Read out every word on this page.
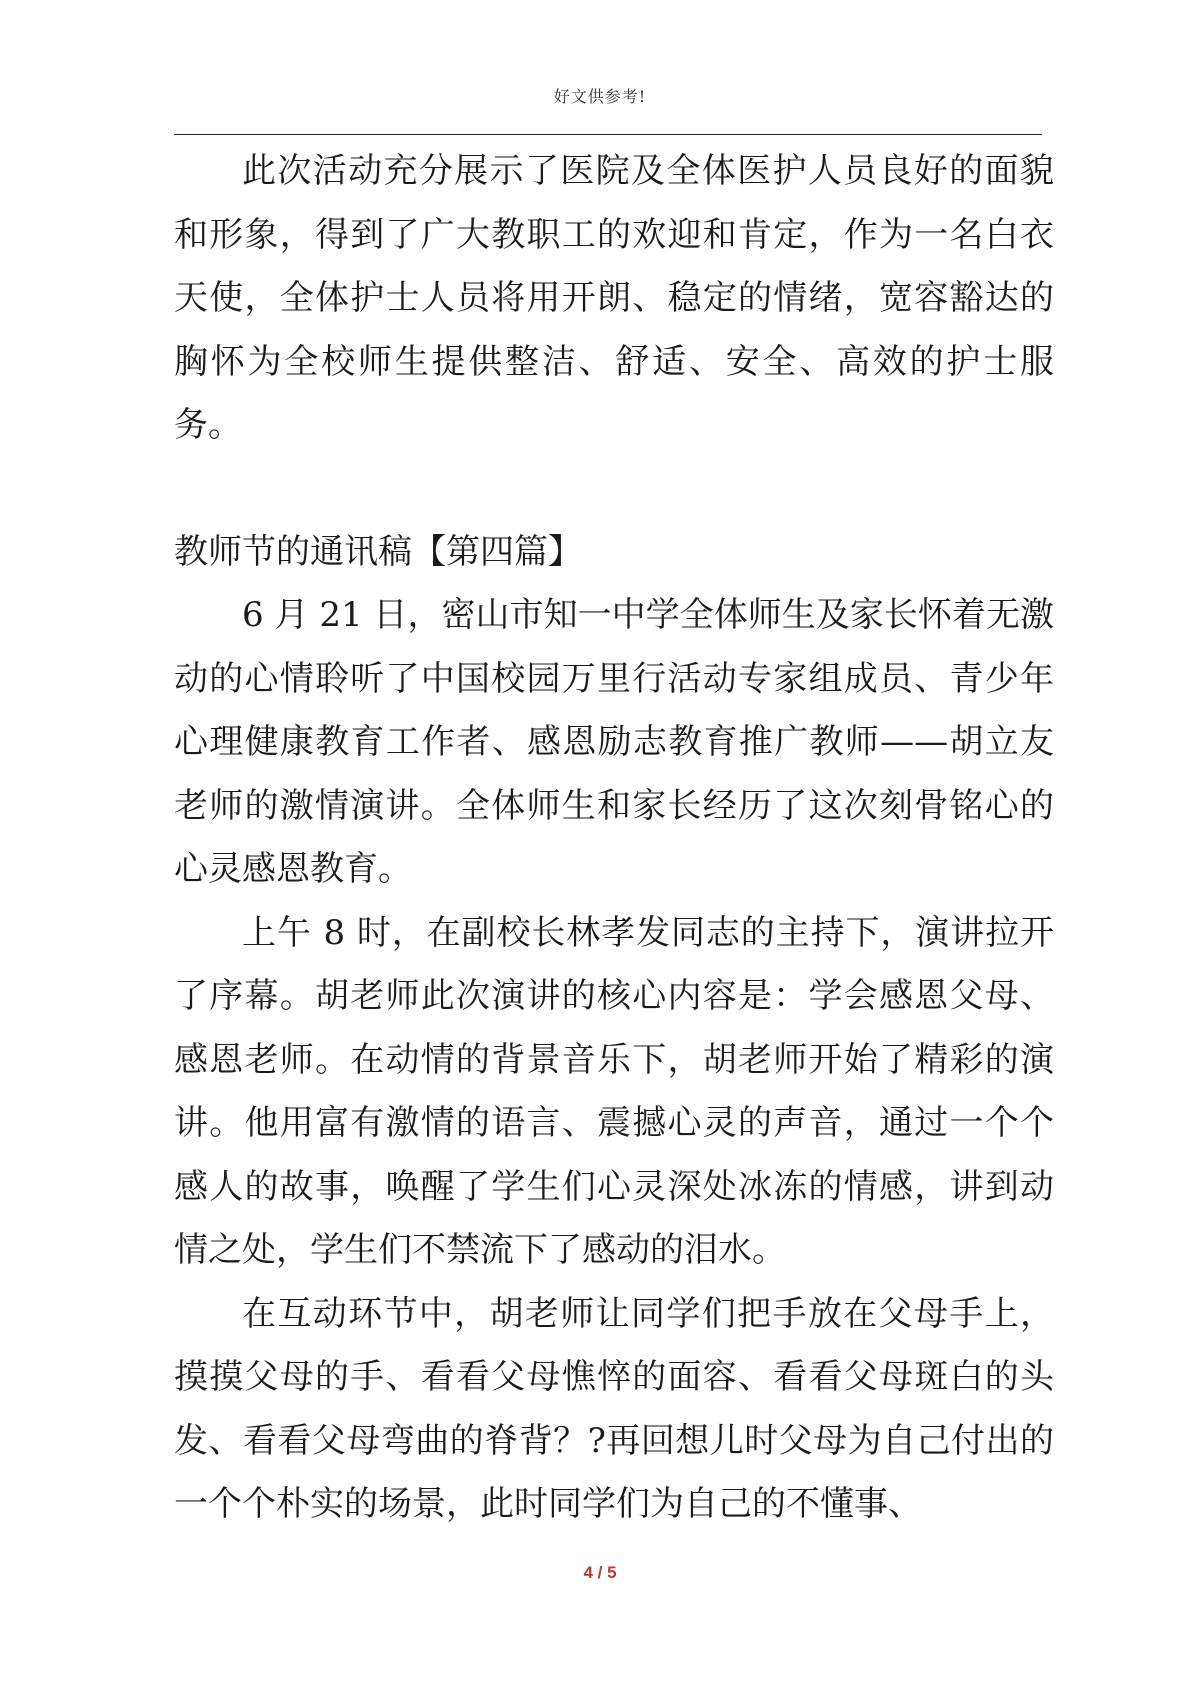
好文供参考!

此次活动充分展示了医院及全体医护人员良好的面貌和形象，得到了广大教职工的欢迎和肯定，作为一名白衣天使，全体护士人员将用开朗、稳定的情绪，宽容豁达的胸怀为全校师生提供整洁、舒适、安全、高效的护士服务。

教师节的通讯稿【第四篇】

6 月 21 日，密山市知一中学全体师生及家长怀着无激动的心情聆听了中国校园万里行活动专家组成员、青少年心理健康教育工作者、感恩励志教育推广教师——胡立友老师的激情演讲。全体师生和家长经历了这次刻骨铭心的心灵感恩教育。

上午 8 时，在副校长林孝发同志的主持下，演讲拉开了序幕。胡老师此次演讲的核心内容是：学会感恩父母、感恩老师。在动情的背景音乐下，胡老师开始了精彩的演讲。他用富有激情的语言、震撼心灵的声音，通过一个个感人的故事，唤醒了学生们心灵深处冰冻的情感，讲到动情之处，学生们不禁流下了感动的泪水。

在互动环节中，胡老师让同学们把手放在父母手上，摸摸父母的手、看看父母憔悴的面容、看看父母斑白的头发、看看父母弯曲的脊背？?再回想儿时父母为自己付出的一个个朴实的场景，此时同学们为自己的不懂事、

4 / 5
